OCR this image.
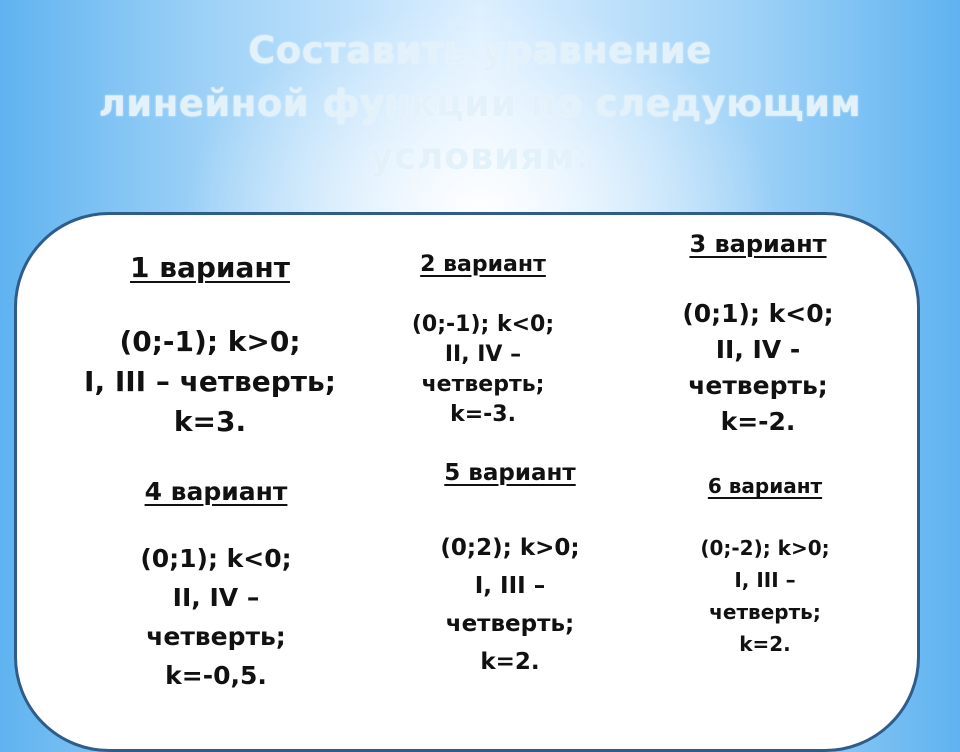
Составить уравнение
линейной функции по следующим
условиям:
1 вариант
(0;-1); k>0;
I, III – четверть;
k=3.
2 вариант
(0;-1); k<0;
II, IV –
четверть;
k=-3.
3 вариант
(0;1); k<0;
II, IV -
четверть;
k=-2.
4 вариант
(0;1); k<0;
II, IV –
четверть;
k=-0,5.
5 вариант
(0;2); k>0;
I, III –
четверть;
k=2.
6 вариант
(0;-2); k>0;
I, III –
четверть;
k=2.
